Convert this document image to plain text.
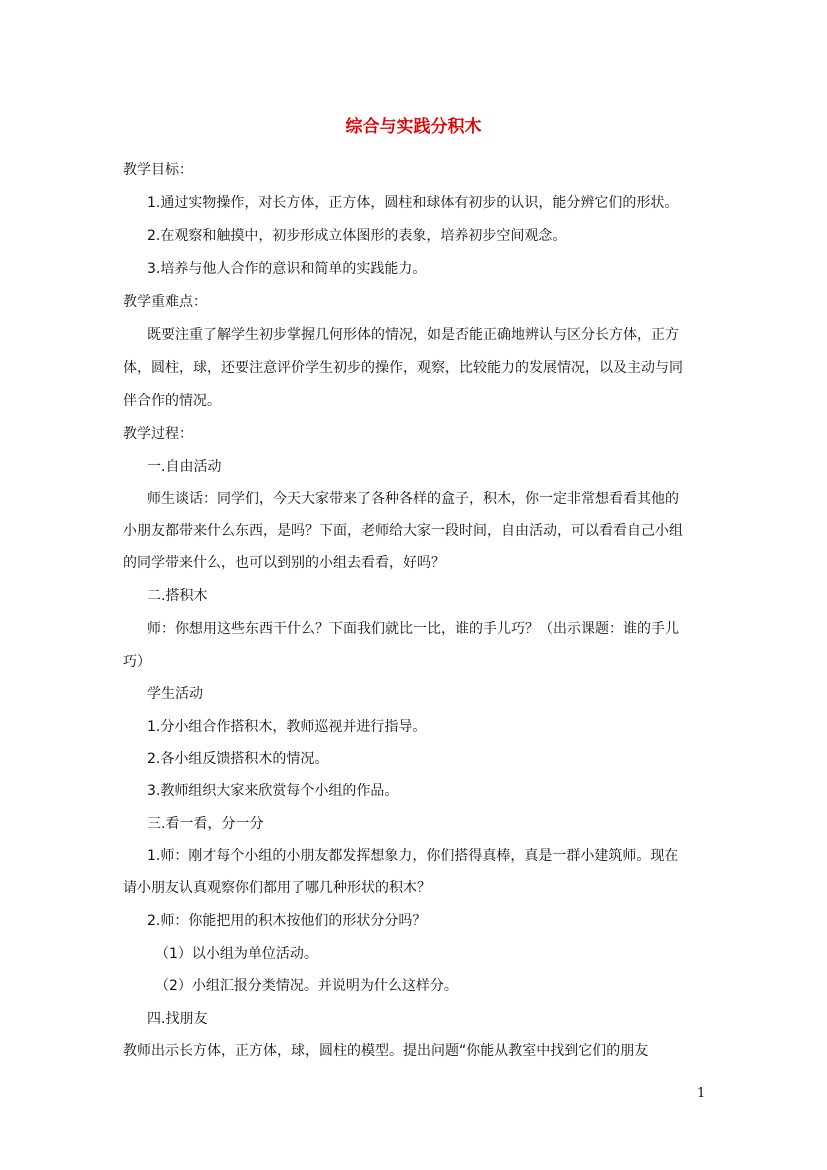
综合与实践分积木
教学目标：
1.通过实物操作，对长方体，正方体，圆柱和球体有初步的认识，能分辨它们的形状。
2.在观察和触摸中，初步形成立体图形的表象，培养初步空间观念。
3.培养与他人合作的意识和简单的实践能力。
教学重难点：
既要注重了解学生初步掌握几何形体的情况，如是否能正确地辨认与区分长方体，正方
体，圆柱，球，还要注意评价学生初步的操作，观察，比较能力的发展情况，以及主动与同
伴合作的情况。
教学过程：
一.自由活动
师生谈话：同学们，今天大家带来了各种各样的盒子，积木，你一定非常想看看其他的
小朋友都带来什么东西，是吗？下面，老师给大家一段时间，自由活动，可以看看自己小组
的同学带来什么，也可以到别的小组去看看，好吗？
二.搭积木
师：你想用这些东西干什么？下面我们就比一比，谁的手儿巧？（出示课题：谁的手儿
巧）
学生活动
1.分小组合作搭积木，教师巡视并进行指导。
2.各小组反馈搭积木的情况。
3.教师组织大家来欣赏每个小组的作品。
三.看一看，分一分
1.师：刚才每个小组的小朋友都发挥想象力，你们搭得真棒，真是一群小建筑师。现在
请小朋友认真观察你们都用了哪几种形状的积木？
2.师：你能把用的积木按他们的形状分分吗？
（1）以小组为单位活动。
（2）小组汇报分类情况。并说明为什么这样分。
四.找朋友
教师出示长方体，正方体，球，圆柱的模型。提出问题“你能从教室中找到它们的朋友
1
